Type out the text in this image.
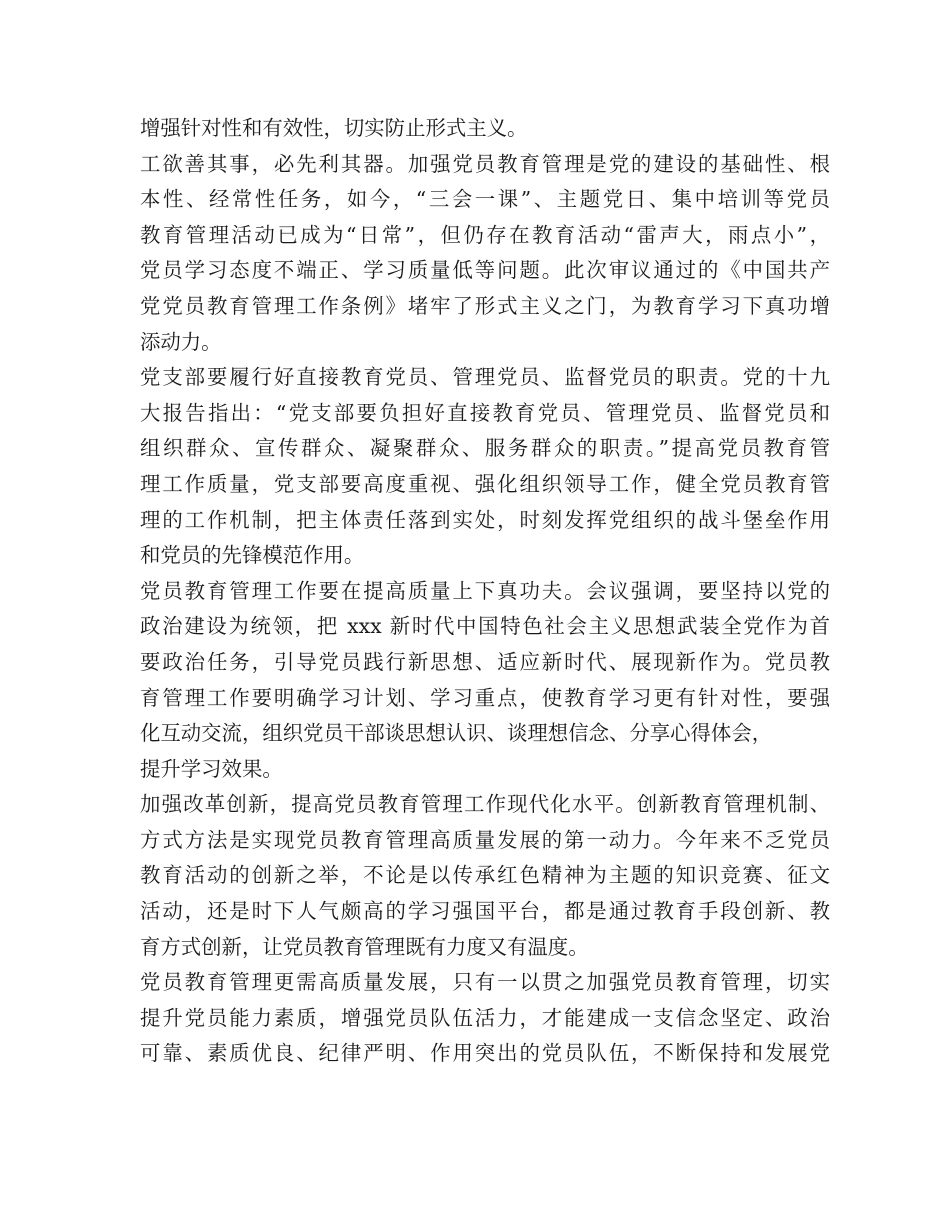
增强针对性和有效性，切实防止形式主义。
工欲善其事，必先利其器。加强党员教育管理是党的建设的基础性、根
本性、经常性任务，如今，“三会一课”、主题党日、集中培训等党员
教育管理活动已成为“日常”，但仍存在教育活动“雷声大，雨点小”，
党员学习态度不端正、学习质量低等问题。此次审议通过的《中国共产
党党员教育管理工作条例》堵牢了形式主义之门，为教育学习下真功增
添动力。
党支部要履行好直接教育党员、管理党员、监督党员的职责。党的十九
大报告指出：“党支部要负担好直接教育党员、管理党员、监督党员和
组织群众、宣传群众、凝聚群众、服务群众的职责。”提高党员教育管
理工作质量，党支部要高度重视、强化组织领导工作，健全党员教育管
理的工作机制，把主体责任落到实处，时刻发挥党组织的战斗堡垒作用
和党员的先锋模范作用。
党员教育管理工作要在提高质量上下真功夫。会议强调，要坚持以党的
政治建设为统领，把 xxx 新时代中国特色社会主义思想武装全党作为首
要政治任务，引导党员践行新思想、适应新时代、展现新作为。党员教
育管理工作要明确学习计划、学习重点，使教育学习更有针对性，要强
化互动交流，组织党员干部谈思想认识、谈理想信念、分享心得体会，
提升学习效果。
加强改革创新，提高党员教育管理工作现代化水平。创新教育管理机制、
方式方法是实现党员教育管理高质量发展的第一动力。今年来不乏党员
教育活动的创新之举，不论是以传承红色精神为主题的知识竞赛、征文
活动，还是时下人气颇高的学习强国平台，都是通过教育手段创新、教
育方式创新，让党员教育管理既有力度又有温度。
党员教育管理更需高质量发展，只有一以贯之加强党员教育管理，切实
提升党员能力素质，增强党员队伍活力，才能建成一支信念坚定、政治
可靠、素质优良、纪律严明、作用突出的党员队伍，不断保持和发展党
